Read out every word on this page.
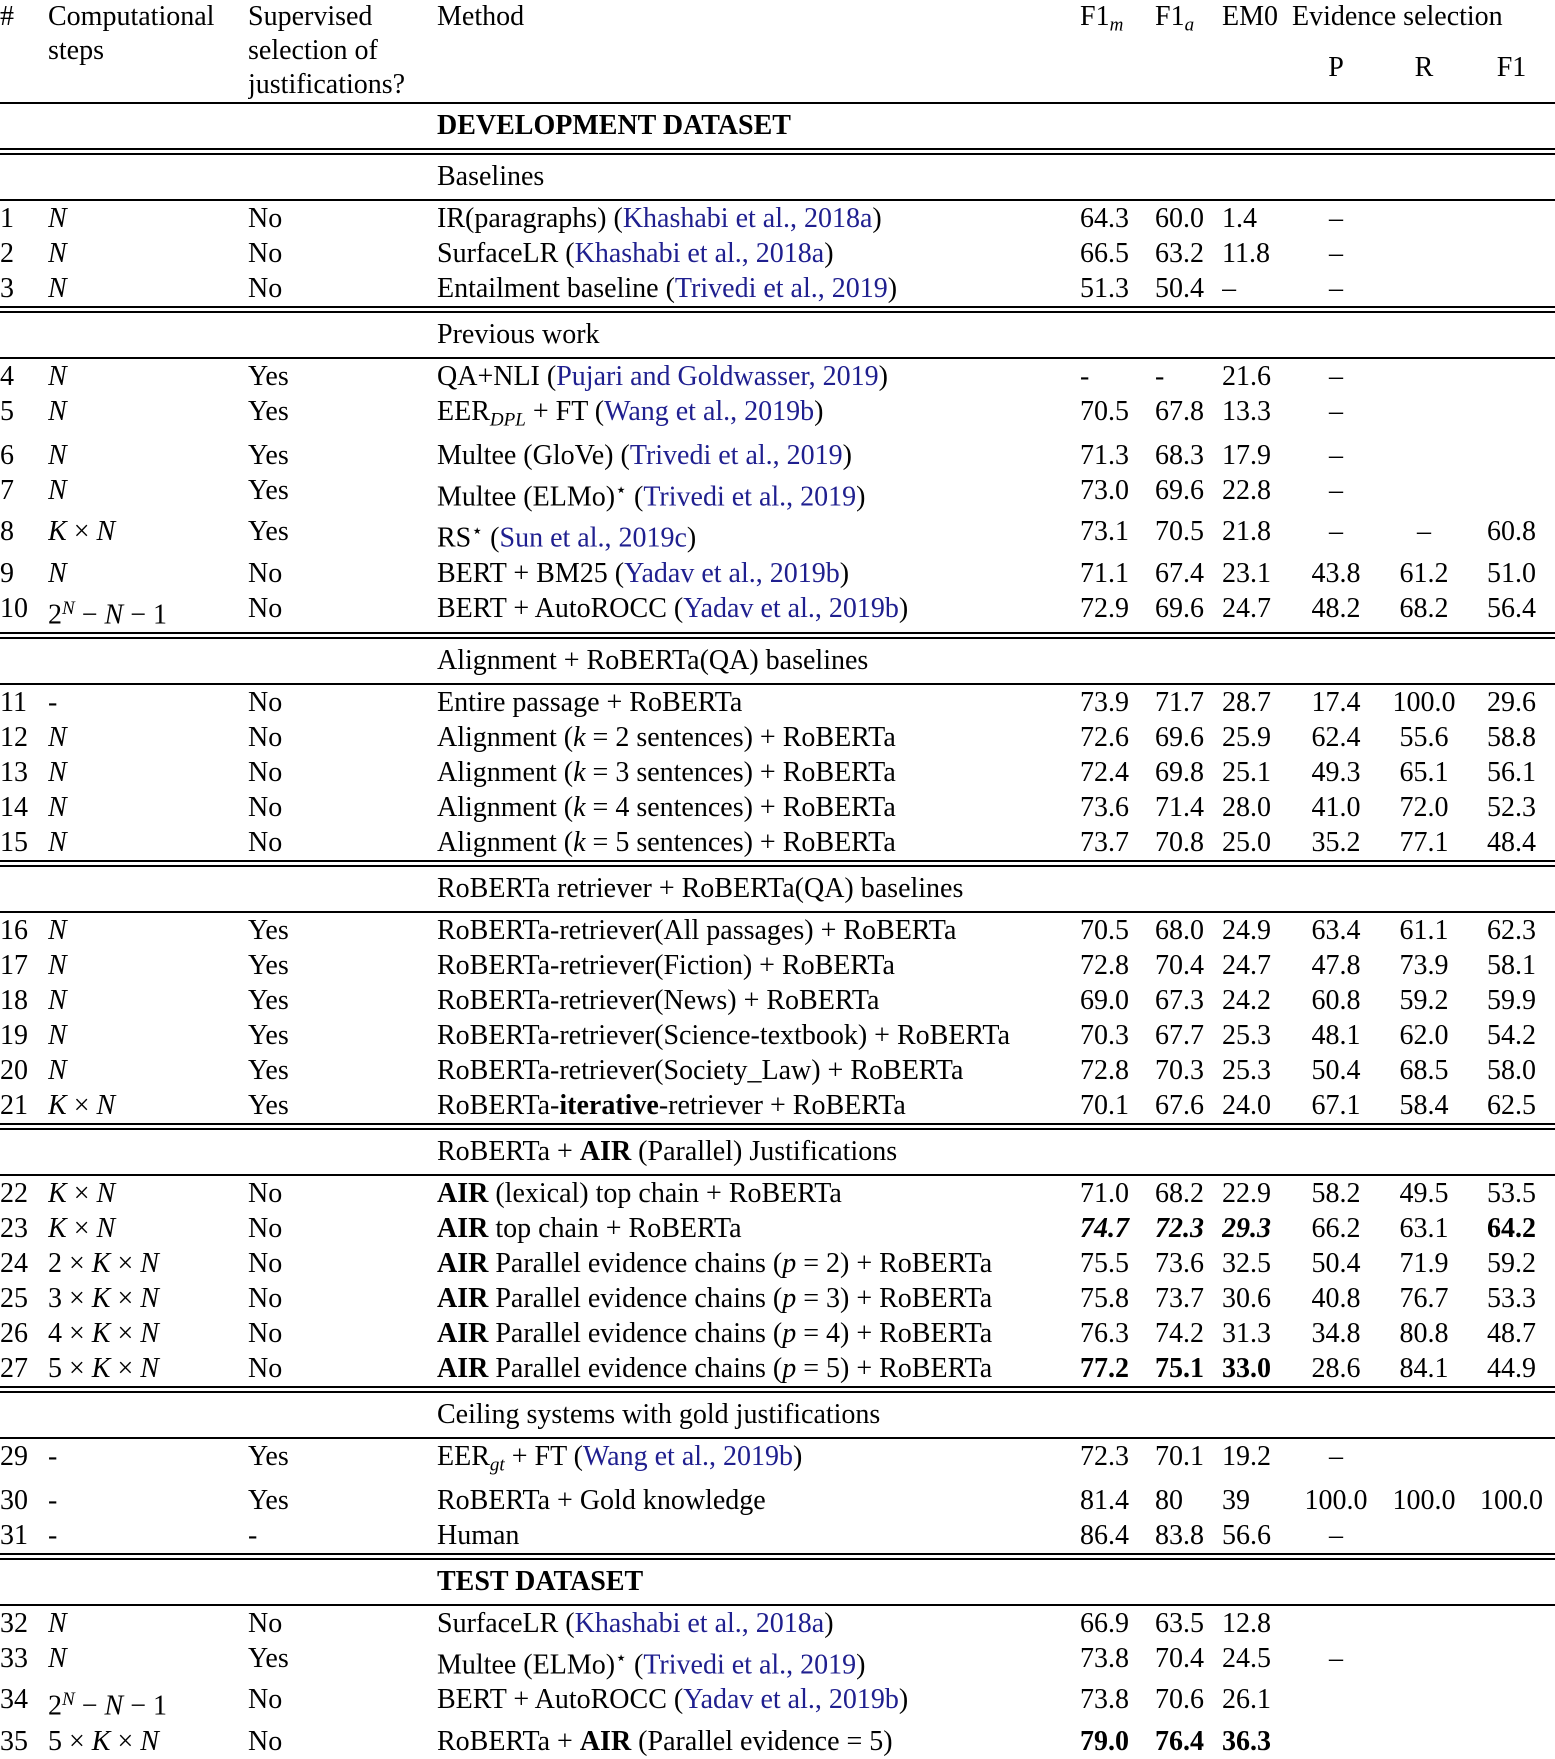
#	Computational steps	Supervised selection of justifications?	Method	$F1_m$	$F1_a$	EM0	Evidence selection		
							P	R	F1
			DEVELOPMENT DATASET						
			Baselines						
1	N	No	IR(paragraphs) (Khashabi et al., 2018a)	64.3	60.0	1.4	–		
2	N	No	SurfaceLR (Khashabi et al., 2018a)	66.5	63.2	11.8	–		
3	N	No	Entailment baseline (Trivedi et al., 2019)	51.3	50.4	–	–		
			Previous work						
4	N	Yes	QA+NLI (Pujari and Goldwasser, 2019)	-	-	21.6	–		
5	N	Yes	$EER_{DPL}$ + FT (Wang et al., 2019b)	70.5	67.8	13.3	–		
6	N	Yes	Multee (GloVe) (Trivedi et al., 2019)	71.3	68.3	17.9	–		
7	N	Yes	Multee (ELMo)⋆ (Trivedi et al., 2019)	73.0	69.6	22.8	–		
8	K × N	Yes	RS⋆ (Sun et al., 2019c)	73.1	70.5	21.8	–	–	60.8
9	N	No	BERT + BM25 (Yadav et al., 2019b)	71.1	67.4	23.1	43.8	61.2	51.0
10	$2^N - N - 1$	No	BERT + AutoROCC (Yadav et al., 2019b)	72.9	69.6	24.7	48.2	68.2	56.4
			Alignment + RoBERTa(QA) baselines						
11	-	No	Entire passage + RoBERTa	73.9	71.7	28.7	17.4	100.0	29.6
12	N	No	Alignment (k = 2 sentences) + RoBERTa	72.6	69.6	25.9	62.4	55.6	58.8
13	N	No	Alignment (k = 3 sentences) + RoBERTa	72.4	69.8	25.1	49.3	65.1	56.1
14	N	No	Alignment (k = 4 sentences) + RoBERTa	73.6	71.4	28.0	41.0	72.0	52.3
15	N	No	Alignment (k = 5 sentences) + RoBERTa	73.7	70.8	25.0	35.2	77.1	48.4
			RoBERTa retriever + RoBERTa(QA) baselines						
16	N	Yes	RoBERTa-retriever(All passages) + RoBERTa	70.5	68.0	24.9	63.4	61.1	62.3
17	N	Yes	RoBERTa-retriever(Fiction) + RoBERTa	72.8	70.4	24.7	47.8	73.9	58.1
18	N	Yes	RoBERTa-retriever(News) + RoBERTa	69.0	67.3	24.2	60.8	59.2	59.9
19	N	Yes	RoBERTa-retriever(Science-textbook) + RoBERTa	70.3	67.7	25.3	48.1	62.0	54.2
20	N	Yes	RoBERTa-retriever(Society_Law) + RoBERTa	72.8	70.3	25.3	50.4	68.5	58.0
21	K × N	Yes	RoBERTa-iterative-retriever + RoBERTa	70.1	67.6	24.0	67.1	58.4	62.5
			RoBERTa + AIR (Parallel) Justifications						
22	K × N	No	AIR (lexical) top chain + RoBERTa	71.0	68.2	22.9	58.2	49.5	53.5
23	K × N	No	AIR top chain + RoBERTa	74.7	72.3	29.3	66.2	63.1	64.2
24	2 × K × N	No	AIR Parallel evidence chains (p = 2) + RoBERTa	75.5	73.6	32.5	50.4	71.9	59.2
25	3 × K × N	No	AIR Parallel evidence chains (p = 3) + RoBERTa	75.8	73.7	30.6	40.8	76.7	53.3
26	4 × K × N	No	AIR Parallel evidence chains (p = 4) + RoBERTa	76.3	74.2	31.3	34.8	80.8	48.7
27	5 × K × N	No	AIR Parallel evidence chains (p = 5) + RoBERTa	77.2	75.1	33.0	28.6	84.1	44.9
			Ceiling systems with gold justifications						
29	-	Yes	$EER_{gt}$ + FT (Wang et al., 2019b)	72.3	70.1	19.2	–		
30	-	Yes	RoBERTa + Gold knowledge	81.4	80	39	100.0	100.0	100.0
31	-	-	Human	86.4	83.8	56.6	–		
			TEST DATASET						
32	N	No	SurfaceLR (Khashabi et al., 2018a)	66.9	63.5	12.8			
33	N	Yes	Multee (ELMo)⋆ (Trivedi et al., 2019)	73.8	70.4	24.5	–		
34	$2^N - N - 1$	No	BERT + AutoROCC (Yadav et al., 2019b)	73.8	70.6	26.1			
35	5 × K × N	No	RoBERTa + AIR (Parallel evidence = 5)	79.0	76.4	36.3			
